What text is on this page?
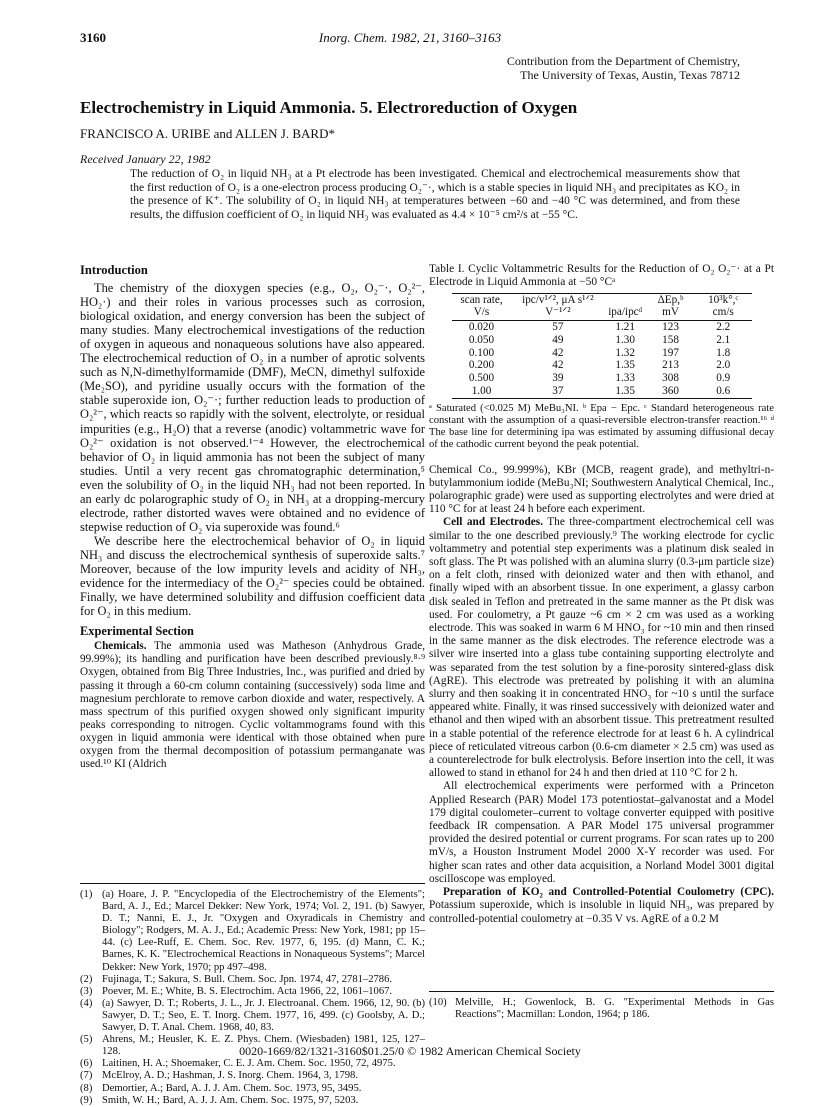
3160	Inorg. Chem. 1982, 21, 3160–3163
Contribution from the Department of Chemistry,
The University of Texas, Austin, Texas 78712
Electrochemistry in Liquid Ammonia. 5. Electroreduction of Oxygen
FRANCISCO A. URIBE and ALLEN J. BARD*
Received January 22, 1982
The reduction of O₂ in liquid NH₃ at a Pt electrode has been investigated. Chemical and electrochemical measurements show that the first reduction of O₂ is a one-electron process producing O₂⁻·, which is a stable species in liquid NH₃ and precipitates as KO₂ in the presence of K⁺. The solubility of O₂ in liquid NH₃ at temperatures between −60 and −40 °C was determined, and from these results, the diffusion coefficient of O₂ in liquid NH₃ was evaluated as 4.4 × 10⁻⁵ cm²/s at −55 °C.
Introduction

The chemistry of the dioxygen species (e.g., O₂, O₂⁻·, O₂²⁻, HO₂·) and their roles in various processes such as corrosion, biological oxidation, and energy conversion has been the subject of many studies. Many electrochemical investigations of the reduction of oxygen in aqueous and nonaqueous solutions have also appeared. The electrochemical reduction of O₂ in a number of aprotic solvents such as N,N-dimethylformamide (DMF), MeCN, dimethyl sulfoxide (Me₂SO), and pyridine usually occurs with the formation of the stable superoxide ion, O₂⁻·; further reduction leads to production of O₂²⁻, which reacts so rapidly with the solvent, electrolyte, or residual impurities (e.g., H₂O) that a reverse (anodic) voltammetric wave for O₂²⁻ oxidation is not observed.¹⁻⁴ However, the electrochemical behavior of O₂ in liquid ammonia has not been the subject of many studies. Until a very recent gas chromatographic determination,⁵ even the solubility of O₂ in the liquid NH₃ had not been reported. In an early dc polarographic study of O₂ in NH₃ at a dropping-mercury electrode, rather distorted waves were obtained and no evidence of stepwise reduction of O₂ via superoxide was found.⁶

We describe here the electrochemical behavior of O₂ in liquid NH₃ and discuss the electrochemical synthesis of superoxide salts.⁷ Moreover, because of the low impurity levels and acidity of NH₃, evidence for the intermediacy of the O₂²⁻ species could be obtained. Finally, we have determined solubility and diffusion coefficient data for O₂ in this medium.

Experimental Section

Chemicals. The ammonia used was Matheson (Anhydrous Grade, 99.99%); its handling and purification have been described previously.⁸·⁹ Oxygen, obtained from Big Three Industries, Inc., was purified and dried by passing it through a 60-cm column containing (successively) soda lime and magnesium perchlorate to remove carbon dioxide and water, respectively. A mass spectrum of this purified oxygen showed only significant impurity peaks corresponding to nitrogen. Cyclic voltammograms found with this oxygen in liquid ammonia were identical with those obtained when pure oxygen from the thermal decomposition of potassium permanganate was used.¹⁰ KI (Aldrich

Table I. Cyclic Voltammetric Results for the Reduction of O₂ O₂⁻· at a Pt Electrode in Liquid Ammonia at −50 °Cᵃ
scan rate, V/s	ipc/v¹ᐟ², μA s¹ᐟ² V⁻¹ᐟ²	ipa/ipcᵈ	ΔEp,ᵇ mV	10³k°,ᶜ cm/s
0.020	57	1.21	123	2.2
0.050	49	1.30	158	2.1
0.100	42	1.32	197	1.8
0.200	42	1.35	213	2.0
0.500	39	1.33	308	0.9
1.00	37	1.35	360	0.6
ᵃ Saturated (<0.025 M) MeBu₃NI. ᵇ Epa − Epc. ᶜ Standard heterogeneous rate constant with the assumption of a quasi-reversible electron-transfer reaction.¹⁶ ᵈ The base line for determining ipa was estimated by assuming diffusional decay of the cathodic current beyond the peak potential.

Chemical Co., 99.999%), KBr (MCB, reagent grade), and methyltri-n-butylammonium iodide (MeBu₃NI; Southwestern Analytical Chemical, Inc., polarographic grade) were used as supporting electrolytes and were dried at 110 °C for at least 24 h before each experiment.

Cell and Electrodes. The three-compartment electrochemical cell was similar to the one described previously.⁹ The working electrode for cyclic voltammetry and potential step experiments was a platinum disk sealed in soft glass. The Pt was polished with an alumina slurry (0.3-μm particle size) on a felt cloth, rinsed with deionized water and then with ethanol, and finally wiped with an absorbent tissue. In one experiment, a glassy carbon disk sealed in Teflon and pretreated in the same manner as the Pt disk was used. For coulometry, a Pt gauze ~6 cm × 2 cm was used as a working electrode. This was soaked in warm 6 M HNO₃ for ~10 min and then rinsed in the same manner as the disk electrodes. The reference electrode was a silver wire inserted into a glass tube containing supporting electrolyte and was separated from the test solution by a fine-porosity sintered-glass disk (AgRE). This electrode was pretreated by polishing it with an alumina slurry and then soaking it in concentrated HNO₃ for ~10 s until the surface appeared white. Finally, it was rinsed successively with deionized water and ethanol and then wiped with an absorbent tissue. This pretreatment resulted in a stable potential of the reference electrode for at least 6 h. A cylindrical piece of reticulated vitreous carbon (0.6-cm diameter × 2.5 cm) was used as a counterelectrode for bulk electrolysis. Before insertion into the cell, it was allowed to stand in ethanol for 24 h and then dried at 110 °C for 2 h.

All electrochemical experiments were performed with a Princeton Applied Research (PAR) Model 173 potentiostat–galvanostat and a Model 179 digital coulometer–current to voltage converter equipped with positive feedback IR compensation. A PAR Model 175 universal programmer provided the desired potential or current programs. For scan rates up to 200 mV/s, a Houston Instrument Model 2000 X-Y recorder was used. For higher scan rates and other data acquisition, a Norland Model 3001 digital oscilloscope was employed.

Preparation of KO₂ and Controlled-Potential Coulometry (CPC). Potassium superoxide, which is insoluble in liquid NH₃, was prepared by controlled-potential coulometry at −0.35 V vs. AgRE of a 0.2 M

(1) (a) Hoare, J. P. "Encyclopedia of the Electrochemistry of the Elements"; Bard, A. J., Ed.; Marcel Dekker: New York, 1974; Vol. 2, 191. (b) Sawyer, D. T.; Nanni, E. J., Jr. "Oxygen and Oxyradicals in Chemistry and Biology"; Rodgers, M. A. J., Ed.; Academic Press: New York, 1981; pp 15–44. (c) Lee-Ruff, E. Chem. Soc. Rev. 1977, 6, 195. (d) Mann, C. K.; Barnes, K. K. "Electrochemical Reactions in Nonaqueous Systems"; Marcel Dekker: New York, 1970; pp 497–498.
(2) Fujinaga, T.; Sakura, S. Bull. Chem. Soc. Jpn. 1974, 47, 2781–2786.
(3) Poever, M. E.; White, B. S. Electrochim. Acta 1966, 22, 1061–1067.
(4) (a) Sawyer, D. T.; Roberts, J. L., Jr. J. Electroanal. Chem. 1966, 12, 90. (b) Sawyer, D. T.; Seo, E. T. Inorg. Chem. 1977, 16, 499. (c) Goolsby, A. D.; Sawyer, D. T. Anal. Chem. 1968, 40, 83.
(5) Ahrens, M.; Heusler, K. E. Z. Phys. Chem. (Wiesbaden) 1981, 125, 127–128.
(6) Laitinen, H. A.; Shoemaker, C. E. J. Am. Chem. Soc. 1950, 72, 4975.
(7) McElroy, A. D.; Hashman, J. S. Inorg. Chem. 1964, 3, 1798.
(8) Demortier, A.; Bard, A. J. J. Am. Chem. Soc. 1973, 95, 3495.
(9) Smith, W. H.; Bard, A. J. J. Am. Chem. Soc. 1975, 97, 5203.
(10) Melville, H.; Gowenlock, B. G. "Experimental Methods in Gas Reactions"; Macmillan: London, 1964; p 186.
0020-1669/82/1321-3160$01.25/0 © 1982 American Chemical Society
